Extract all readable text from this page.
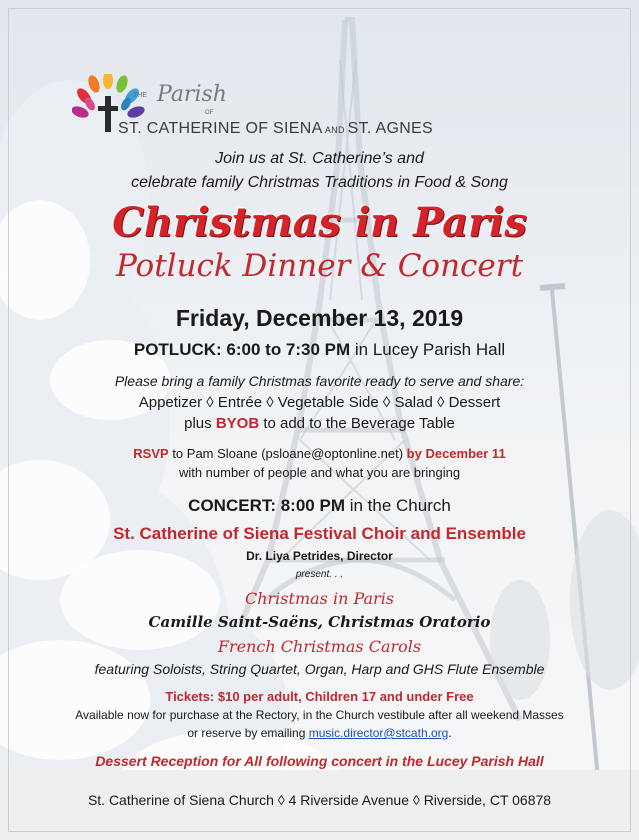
THE Parish
OF
ST. CATHERINE OF SIENA AND ST. AGNES
Join us at St. Catherine’s and
celebrate family Christmas Traditions in Food & Song
Christmas in Paris
Potluck Dinner & Concert
Friday, December 13, 2019
POTLUCK: 6:00 to 7:30 PM in Lucey Parish Hall
Please bring a family Christmas favorite ready to serve and share:
Appetizer ◊ Entrée ◊ Vegetable Side ◊ Salad ◊ Dessert
plus BYOB to add to the Beverage Table
RSVP to Pam Sloane (psloane@optonline.net) by December 11
with number of people and what you are bringing
CONCERT: 8:00 PM in the Church
St. Catherine of Siena Festival Choir and Ensemble
Dr. Liya Petrides, Director
present. . .
Christmas in Paris
Camille Saint-Saëns, Christmas Oratorio
French Christmas Carols
featuring Soloists, String Quartet, Organ, Harp and GHS Flute Ensemble
Tickets: $10 per adult, Children 17 and under Free
Available now for purchase at the Rectory, in the Church vestibule after all weekend Masses
or reserve by emailing music.director@stcath.org.
Dessert Reception for All following concert in the Lucey Parish Hall
St. Catherine of Siena Church ◊ 4 Riverside Avenue ◊ Riverside, CT 06878
